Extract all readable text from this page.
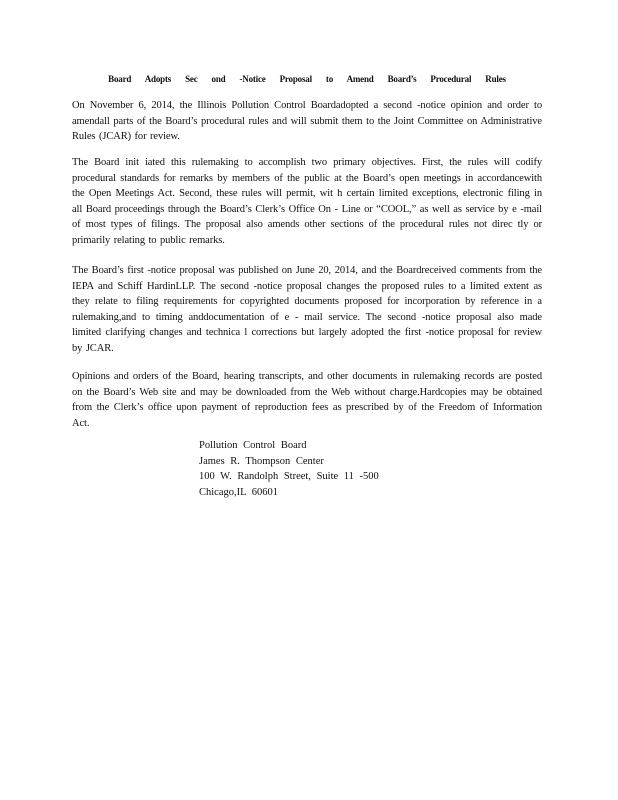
Board Adopts Sec ond -Notice Proposal to Amend Board’s Procedural Rules

On November 6, 2014, the Illinois Pollution Control Boardadopted a second -notice opinion and order to amendall parts of the Board’s procedural rules and will submit them to the Joint Committee on Administrative Rules (JCAR) for review.

The Board init iated this rulemaking to accomplish two primary objectives. First, the rules will codify procedural standards for remarks by members of the public at the Board’s open meetings in accordancewith the Open Meetings Act. Second, these rules will permit, wit h certain limited exceptions, electronic filing in all Board proceedings through the Board’s Clerk’s Office On - Line or “COOL,” as well as service by e -mail of most types of filings. The proposal also amends other sections of the procedural rules not direc tly or primarily relating to public remarks.

The Board’s first -notice proposal was published on June 20, 2014, and the Boardreceived comments from the IEPA and Schiff HardinLLP. The second -notice proposal changes the proposed rules to a limited extent as they relate to filing requirements for copyrighted documents proposed for incorporation by reference in a rulemaking,and to timing anddocumentation of e - mail service. The second -notice proposal also made limited clarifying changes and technica l corrections but largely adopted the first -notice proposal for review by JCAR.

Opinions and orders of the Board, hearing transcripts, and other documents in rulemaking records are posted on the Board’s Web site and may be downloaded from the Web without charge.Hardcopies may be obtained from the Clerk’s office upon payment of reproduction fees as prescribed by of the Freedom of Information Act.

Pollution Control Board
James R. Thompson Center
100 W. Randolph Street, Suite 11 -500
Chicago,IL 60601
